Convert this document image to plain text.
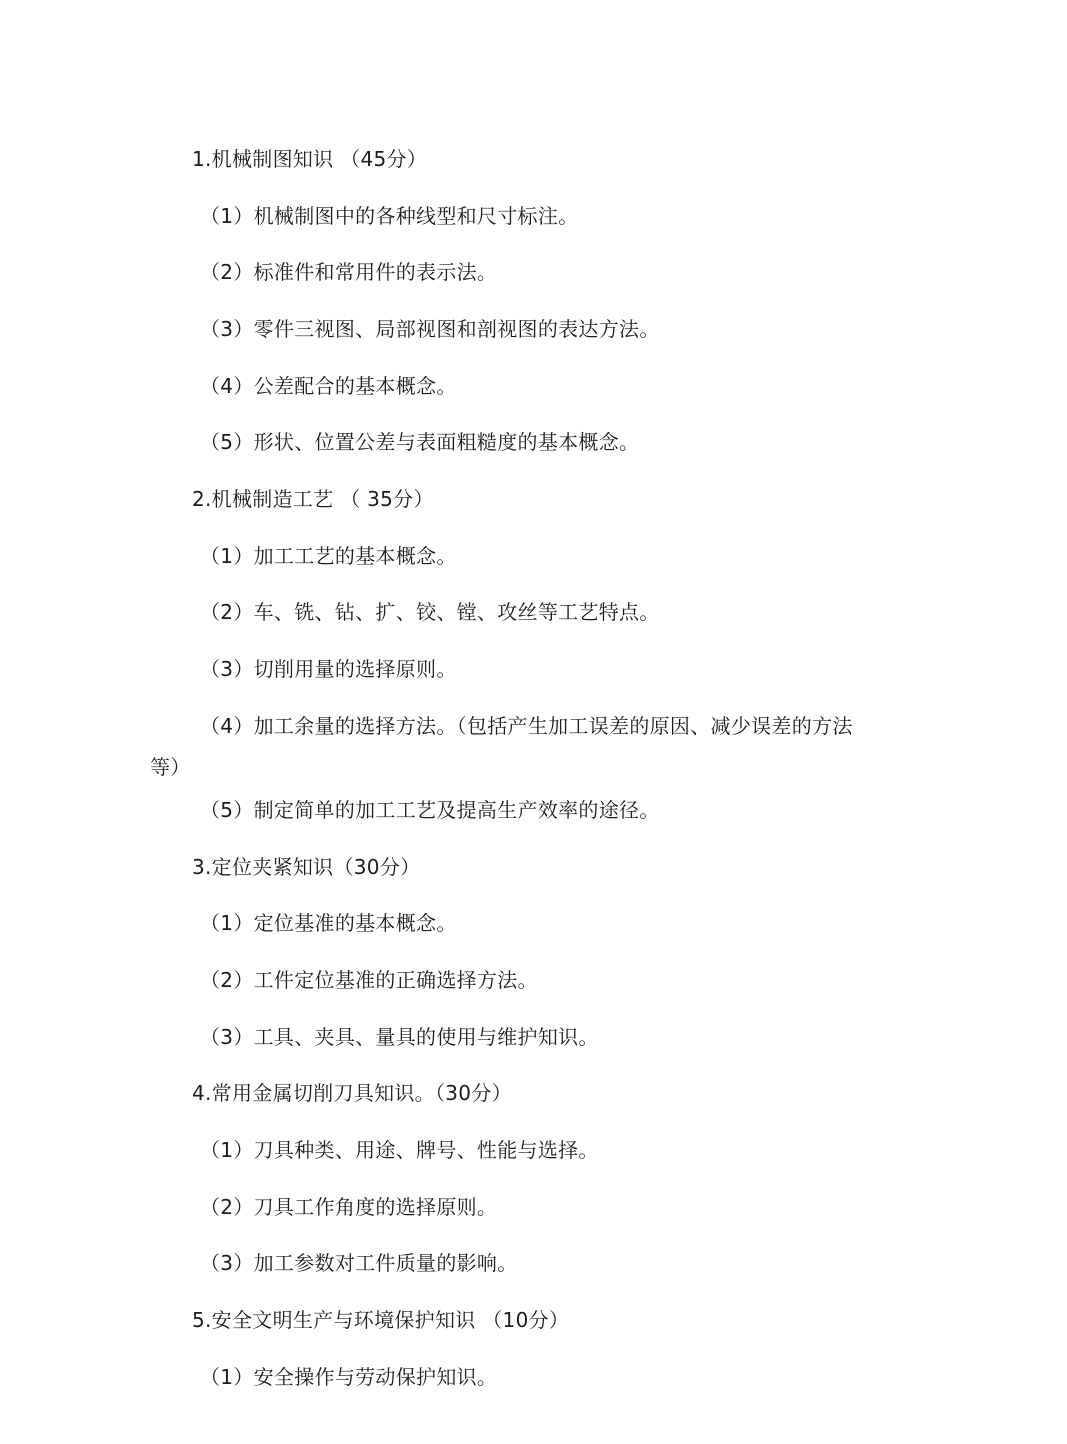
1.机械制图知识 （45分）
（1）机械制图中的各种线型和尺寸标注。
（2）标准件和常用件的表示法。
（3）零件三视图、局部视图和剖视图的表达方法。
（4）公差配合的基本概念。
（5）形状、位置公差与表面粗糙度的基本概念。
2.机械制造工艺 （ 35分）
（1）加工工艺的基本概念。
（2）车、铣、钻、扩、铰、镗、攻丝等工艺特点。
（3）切削用量的选择原则。
（4）加工余量的选择方法。（包括产生加工误差的原因、减少误差的方法
等）
（5）制定简单的加工工艺及提高生产效率的途径。
3.定位夹紧知识（30分）
（1）定位基准的基本概念。
（2）工件定位基准的正确选择方法。
（3）工具、夹具、量具的使用与维护知识。
4.常用金属切削刀具知识。（30分）
（1）刀具种类、用途、牌号、性能与选择。
（2）刀具工作角度的选择原则。
（3）加工参数对工件质量的影响。
5.安全文明生产与环境保护知识 （10分）
（1）安全操作与劳动保护知识。
